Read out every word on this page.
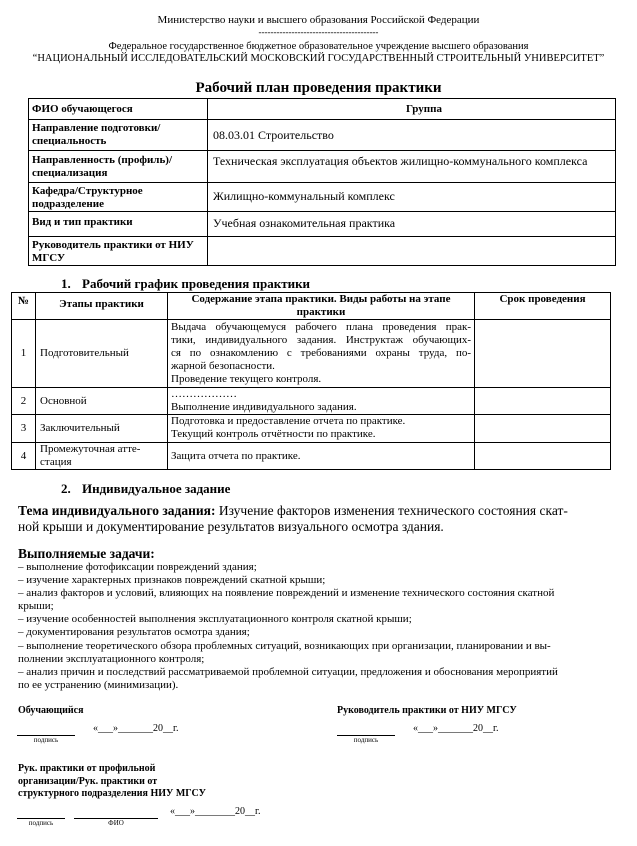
Министерство науки и высшего образования Российской Федерации
----------------------------------------
Федеральное государственное бюджетное образовательное учреждение высшего образования
“НАЦИОНАЛЬНЫЙ ИССЛЕДОВАТЕЛЬСКИЙ МОСКОВСКИЙ ГОСУДАРСТВЕННЫЙ СТРОИТЕЛЬНЫЙ УНИВЕРСИТЕТ”
Рабочий план проведения практики
ФИО обучающегося	Группа

Направление подготовки/ специальность	08.03.01 Строительство
Направленность (профиль)/ специализация	Техническая эксплуатация объектов жилищно-коммунального комплекса
Кафедра/Структурное подразделение	Жилищно-коммунальный комплекс
Вид и тип практики	Учебная ознакомительная практика
Руководитель практики от НИУ МГСУ	
1. Рабочий график проведения практики
№	Этапы практики	Содержание этапа практики. Виды работы на этапе практики	Срок проведения
1	Подготовительный	Выдача обучающемуся рабочего плана проведения прак-
тики, индивидуального задания. Инструктаж обучающих-
ся по ознакомлению с требованиями охраны труда, по-
жарной безопасности.
Проведение текущего контроля.	

2	Основной	………………
Выполнение индивидуального задания.	

3	Заключительный	Подготовка и предоставление отчета по практике.
Текущий контроль отчётности по практике.	

4	Промежуточная атте-
стация	Защита отчета по практике.	

2. Индивидуальное задание
Тема индивидуального задания: Изучение факторов изменения технического состояния скат-
ной крыши и документирование результатов визуального осмотра здания.
Выполняемые задачи:
– выполнение фотофиксации повреждений здания;
– изучение характерных признаков повреждений скатной крыши;
– анализ факторов и условий, влияющих на появление повреждений и изменение технического состояния скатной
крыши;
– изучение особенностей выполнения эксплуатационного контроля скатной крыши;
– документирования результатов осмотра здания;
– выполнение теоретического обзора проблемных ситуаций, возникающих при организации, планировании и вы-
полнении эксплуатационного контроля;
– анализ причин и последствий рассматриваемой проблемной ситуации, предложения и обоснования мероприятий
по ее устранению (минимизации).
Обучающийся
подпись
«___»_______20__г.
Руководитель практики от НИУ МГСУ
подпись
«___»_______20__г.
Рук. практики от профильной
организации/Рук. практики от
структурного подразделения НИУ МГСУ
подпись	ФИО
«___»________20__г.
